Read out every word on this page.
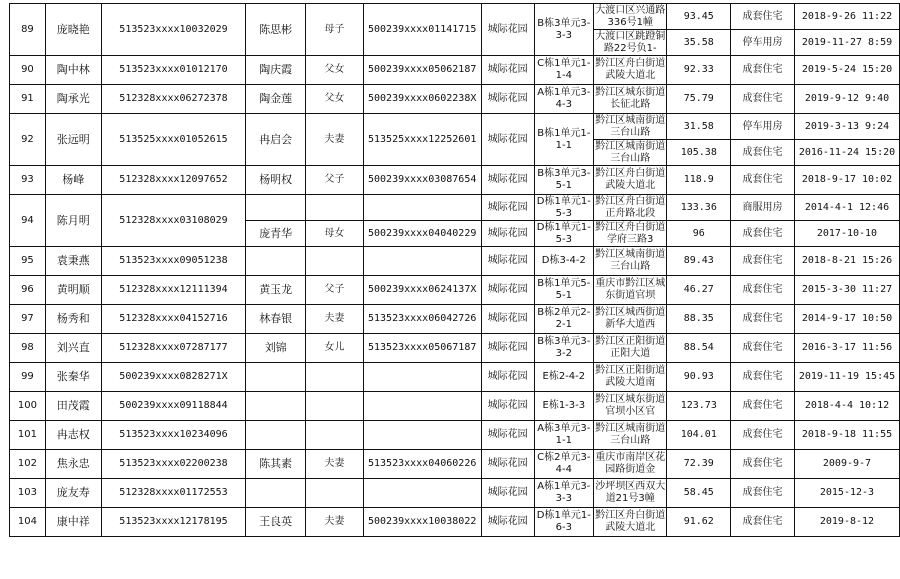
89	庞晓艳	513523xxxx10032029	陈思彬	母子	500239xxxx01141715	城际花园	B栋3单元3-3-3	大渡口区兴通路336号1幢	93.45	成套住宅	2018-9-26 11:22
								大渡口区跳蹬铜路22号负1-	35.58	停车用房	2019-11-27 8:59
90	陶中林	513523xxxx01012170	陶庆霞	父女	500239xxxx05062187	城际花园	C栋1单元1-1-4	黔江区舟白街道武陵大道北	92.33	成套住宅	2019-5-24 15:20
91	陶承光	512328xxxx06272378	陶金莲	父女	500239xxxx0602238X	城际花园	A栋1单元3-4-3	黔江区城东街道长征北路	75.79	成套住宅	2019-9-12 9:40
92	张远明	513525xxxx01052615	冉启会	夫妻	513525xxxx12252601	城际花园	B栋1单元1-1-1	黔江区城南街道三台山路	31.58	停车用房	2019-3-13 9:24
								黔江区城南街道三台山路	105.38	成套住宅	2016-11-24 15:20
93	杨峰	512328xxxx12097652	杨明权	父子	500239xxxx03087654	城际花园	B栋3单元3-5-1	黔江区舟白街道武陵大道北	118.9	成套住宅	2018-9-17 10:02
94	陈月明	512328xxxx03108029				城际花园	D栋1单元1-5-3	黔江区舟白街道正舟路北段	133.36	商服用房	2014-4-1 12:46
			庞青华	母女	500239xxxx04040229	城际花园	D栋1单元1-5-3	黔江区舟白街道学府三路3	96	成套住宅	2017-10-10
95	袁秉燕	513523xxxx09051238				城际花园	D栋3-4-2	黔江区城南街道三台山路	89.43	成套住宅	2018-8-21 15:26
96	黄明顺	512328xxxx12111394	黄玉龙	父子	500239xxxx0624137X	城际花园	B栋1单元5-5-1	重庆市黔江区城东街道官坝	46.27	成套住宅	2015-3-30 11:27
97	杨秀和	512328xxxx04152716	林春银	夫妻	513523xxxx06042726	城际花园	B栋2单元2-2-1	黔江区城西街道新华大道西	88.35	成套住宅	2014-9-17 10:50
98	刘兴直	512328xxxx07287177	刘锦	女儿	513523xxxx05067187	城际花园	B栋3单元3-3-2	黔江区正阳街道正阳大道	88.54	成套住宅	2016-3-17 11:56
99	张秦华	500239xxxx0828271X				城际花园	E栋2-4-2	黔江区正阳街道武陵大道南	90.93	成套住宅	2019-11-19 15:45
100	田茂霞	500239xxxx09118844				城际花园	E栋1-3-3	黔江区城东街道官坝小区官	123.73	成套住宅	2018-4-4 10:12
101	冉志权	513523xxxx10234096				城际花园	A栋3单元3-1-1	黔江区城南街道三台山路	104.01	成套住宅	2018-9-18 11:55
102	焦永忠	513523xxxx02200238	陈其素	夫妻	513523xxxx04060226	城际花园	C栋2单元3-4-4	重庆市南岸区花园路街道金	72.39	成套住宅	2009-9-7
103	庞友寿	512328xxxx01172553				城际花园	A栋1单元3-3-3	沙坪坝区西双大道21号3幢	58.45	成套住宅	2015-12-3
104	康中祥	513523xxxx12178195	王良英	夫妻	500239xxxx10038022	城际花园	D栋1单元1-6-3	黔江区舟白街道武陵大道北	91.62	成套住宅	2019-8-12
